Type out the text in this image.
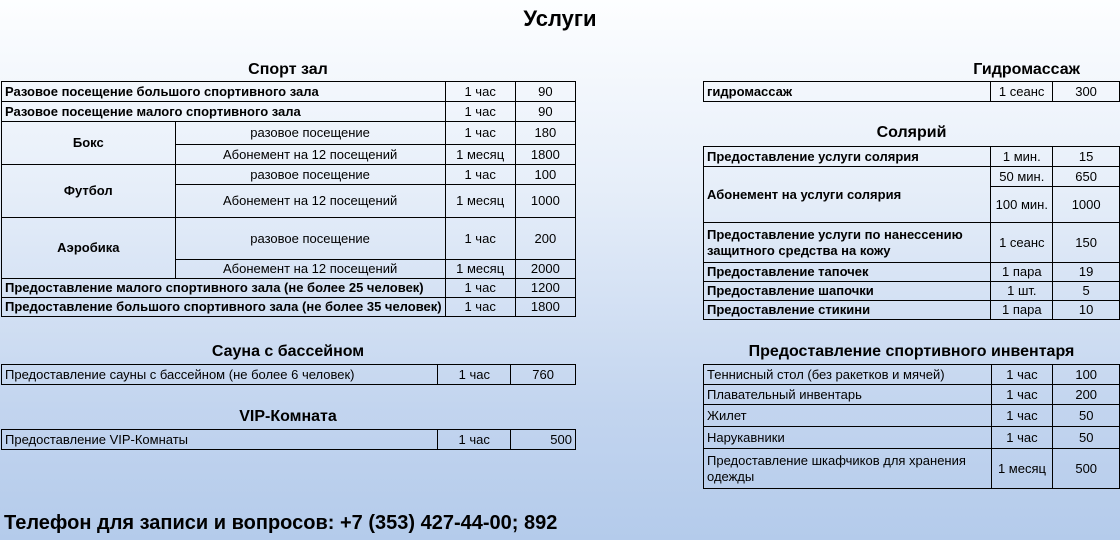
Услуги
Спорт зал
Разовое посещение большого спортивного зала		1 час	90
Разовое посещение малого спортивного зала		1 час	90
Бокс	разовое посещение	1 час	180
	Абонемент на 12 посещений	1 месяц	1800
Футбол	разовое посещение	1 час	100
	Абонемент на 12 посещений	1 месяц	1000
Аэробика	разовое посещение	1 час	200
	Абонемент на 12 посещений	1 месяц	2000
Предоставление малого спортивного зала (не более 25 человек)		1 час	1200
Предоставление большого спортивного зала (не более 35 человек)		1 час	1800
Сауна с бассейном
Предоставление сауны с бассейном (не более 6 человек)	1 час	760
VIP-Комната
Предоставление VIP-Комнаты	1 час	500
Гидромассаж
гидромассаж	1 сеанс	300
Солярий
Предоставление услуги солярия	1 мин.	15
Абонемент на услуги солярия	50 мин.	650
	100 мин.	1000
Предоставление услуги по нанессению защитного средства на кожу	1 сеанс	150
Предоставление тапочек	1 пара	19
Предоставление шапочки	1 шт.	5
Предоставление стикини	1 пара	10
Предоставление спортивного инвентаря
Теннисный стол (без ракетков и мячей)	1 час	100
Плавательный инвентарь	1 час	200
Жилет	1 час	50
Нарукавники	1 час	50
Предоставление шкафчиков для хранения одежды	1 месяц	500
Телефон для записи и вопросов: +7 (353) 427-44-00; 892
